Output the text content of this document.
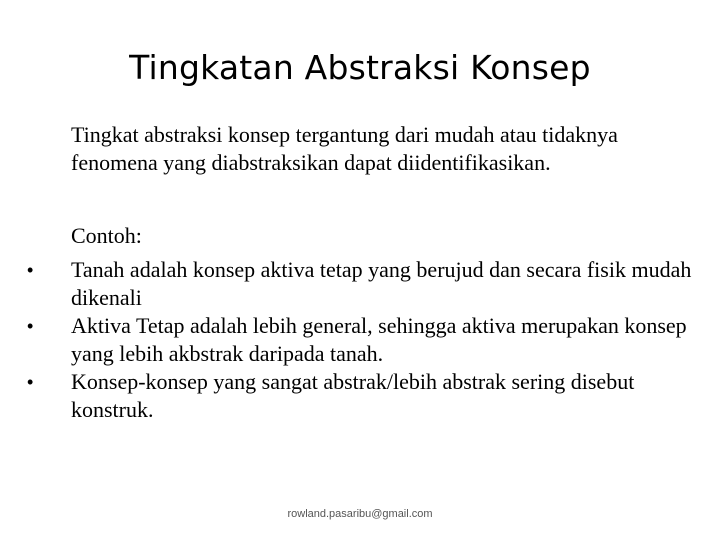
Tingkatan Abstraksi Konsep
Tingkat abstraksi konsep tergantung dari mudah atau tidaknya fenomena yang diabstraksikan dapat diidentifikasikan.
Contoh:
•	Tanah adalah konsep aktiva tetap yang berujud dan secara fisik mudah dikenali
•	Aktiva Tetap adalah lebih general, sehingga aktiva merupakan konsep yang lebih akbstrak daripada tanah.
•	Konsep-konsep yang sangat abstrak/lebih abstrak sering disebut konstruk.
rowland.pasaribu@gmail.com
